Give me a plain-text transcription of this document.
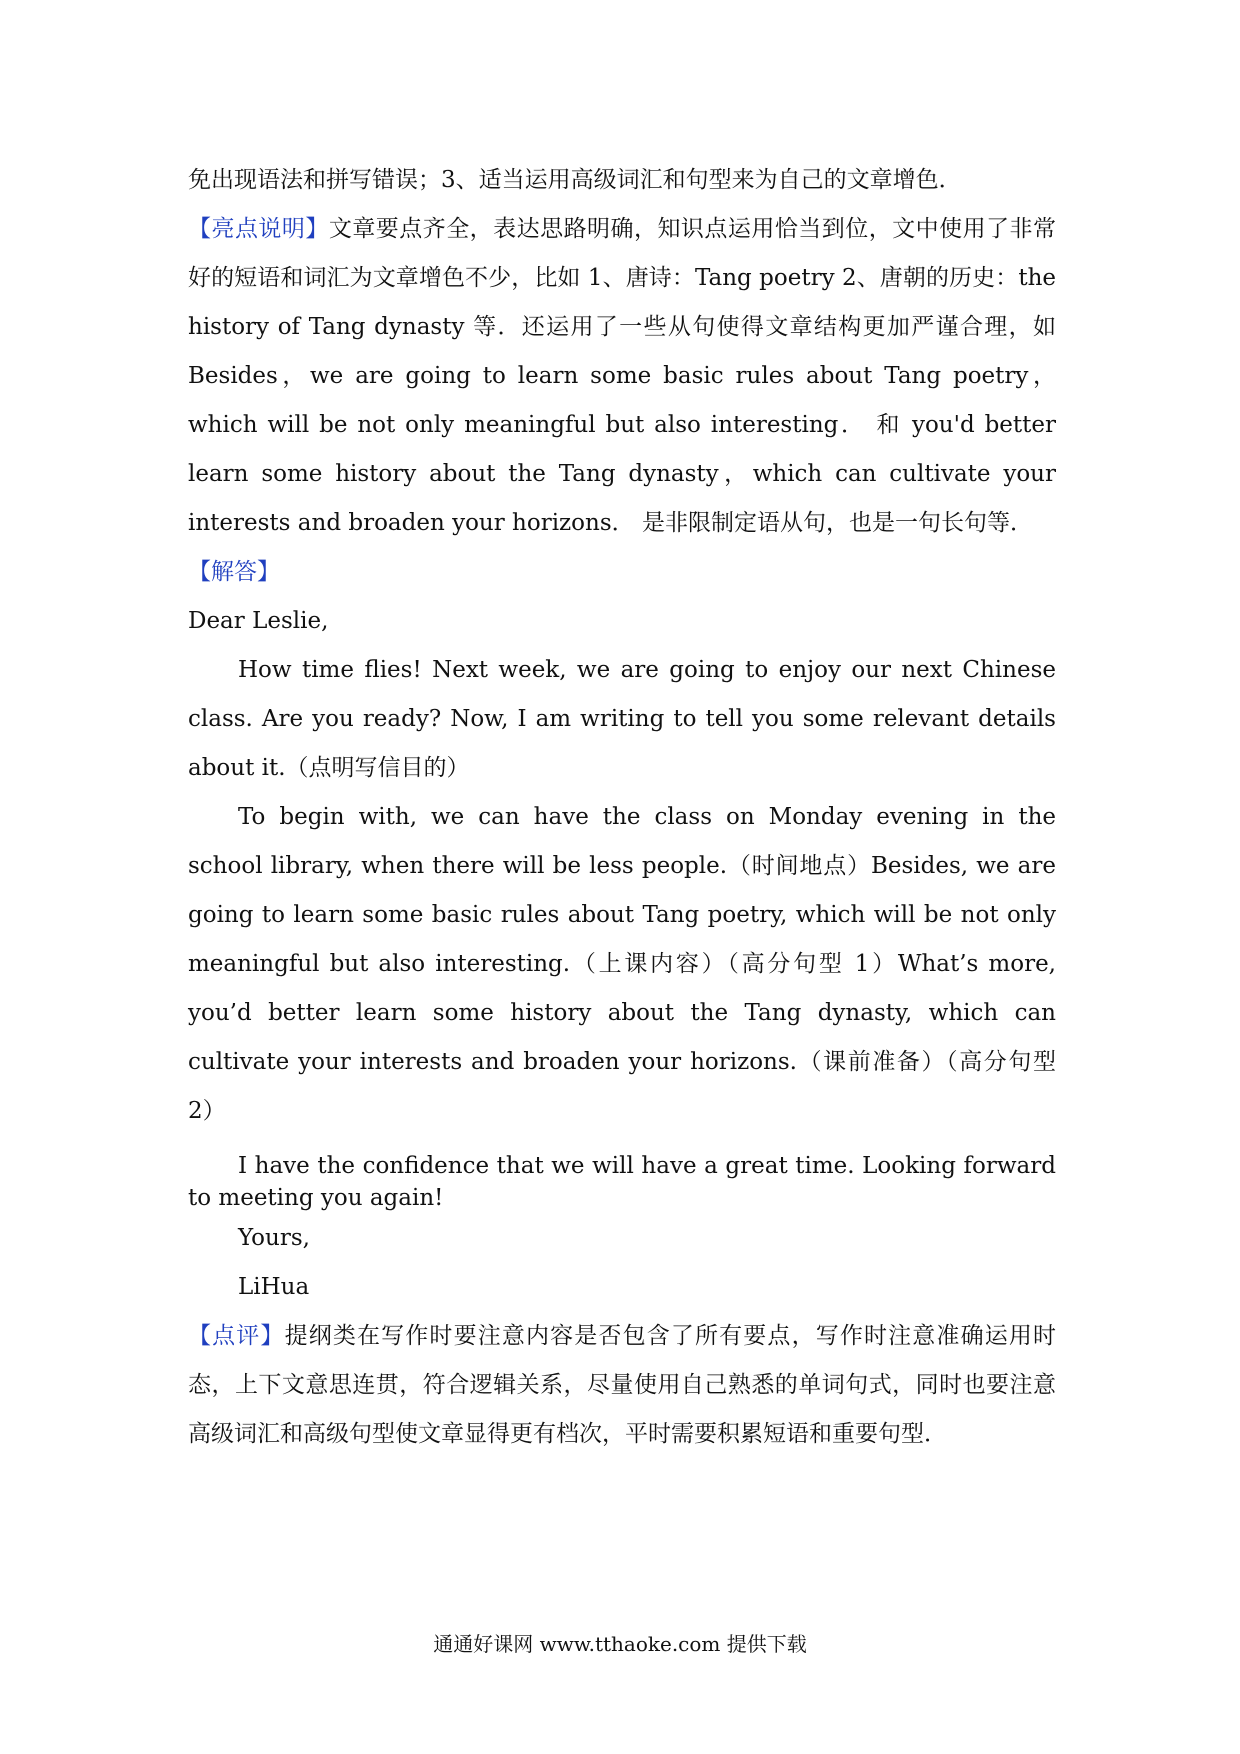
免出现语法和拼写错误；3、适当运用高级词汇和句型来为自己的文章增色．

【亮点说明】文章要点齐全，表达思路明确，知识点运用恰当到位，文中使用了非常好的短语和词汇为文章增色不少，比如 1、唐诗：Tang poetry 2、唐朝的历史：the history of Tang dynasty 等．还运用了一些从句使得文章结构更加严谨合理，如 Besides，we are going to learn some basic rules about Tang poetry，which will be not only meaningful but also interesting． 和 you'd better learn some history about the Tang dynasty，which can cultivate your interests and broaden your horizons． 是非限制定语从句，也是一句长句等．

【解答】

Dear Leslie,

How time flies! Next week, we are going to enjoy our next Chinese class. Are you ready? Now, I am writing to tell you some relevant details about it.（点明写信目的）

To begin with, we can have the class on Monday evening in the school library, when there will be less people.（时间地点）Besides, we are going to learn some basic rules about Tang poetry, which will be not only meaningful but also interesting.（上课内容）（高分句型 1）What’s more, you’d better learn some history about the Tang dynasty, which can cultivate your interests and broaden your horizons.（课前准备）（高分句型 2）

I have the confidence that we will have a great time. Looking forward to meeting you again!

Yours,

LiHua

【点评】提纲类在写作时要注意内容是否包含了所有要点，写作时注意准确运用时态，上下文意思连贯，符合逻辑关系，尽量使用自己熟悉的单词句式，同时也要注意高级词汇和高级句型使文章显得更有档次，平时需要积累短语和重要句型．

通通好课网 www.tthaoke.com 提供下载
